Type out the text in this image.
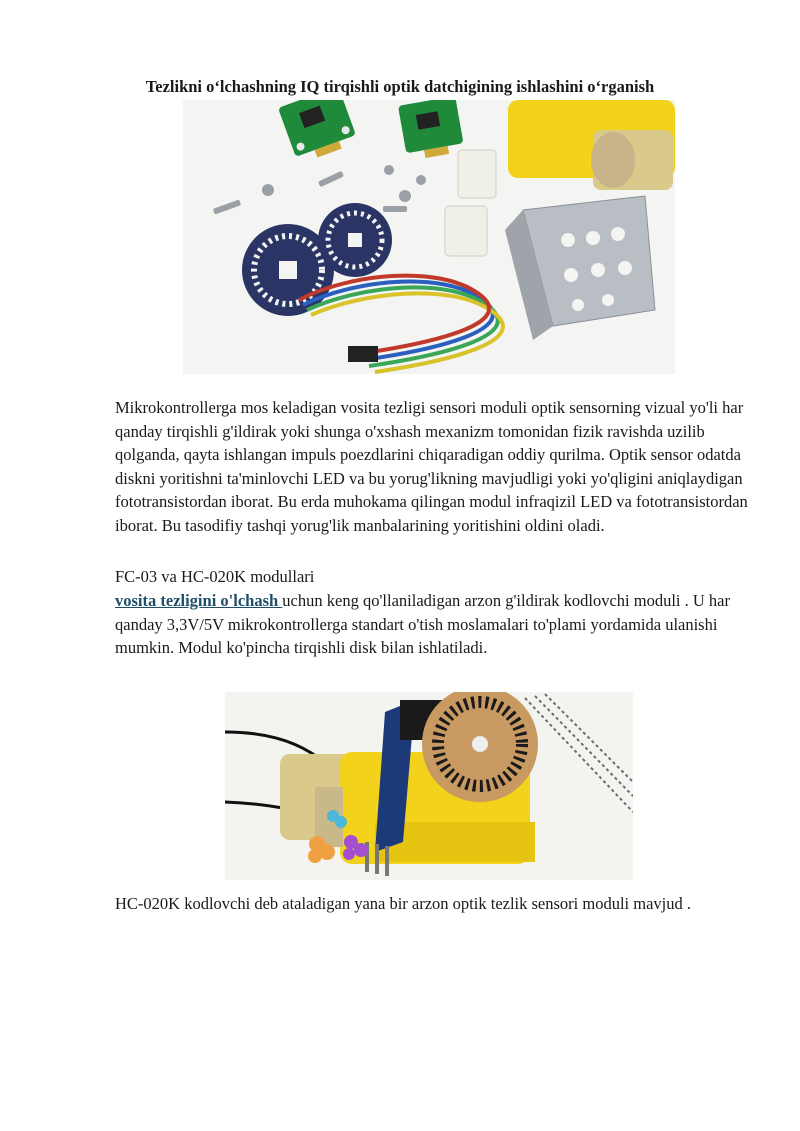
Tezlikni o‘lchashning IQ tirqishli optik datchigining ishlashini o‘rganish

Mikrokontrollerga mos keladigan vosita tezligi sensori moduli optik sensorning vizual yo'li har qanday tirqishli g'ildirak yoki shunga o'xshash mexanizm tomonidan fizik ravishda uzilib qolganda, qayta ishlangan impuls poezdlarini chiqaradigan oddiy qurilma. Optik sensor odatda diskni yoritishni ta'minlovchi LED va bu yorug'likning mavjudligi yoki yo'qligini aniqlaydigan fototransistordan iborat. Bu erda muhokama qilingan modul infraqizil LED va fototransistordan iborat. Bu tasodifiy tashqi yorug'lik manbalarining yoritishini oldini oladi.

FC-03 va HC-020K modullari

vosita tezligini o'lchash uchun keng qo'llaniladigan arzon g'ildirak kodlovchi moduli . U har qanday 3,3V/5V mikrokontrollerga standart o'tish moslamalari to'plami yordamida ulanishi mumkin. Modul ko'pincha tirqishli disk bilan ishlatiladi.

HC-020K kodlovchi deb ataladigan yana bir arzon optik tezlik sensori moduli mavjud .
